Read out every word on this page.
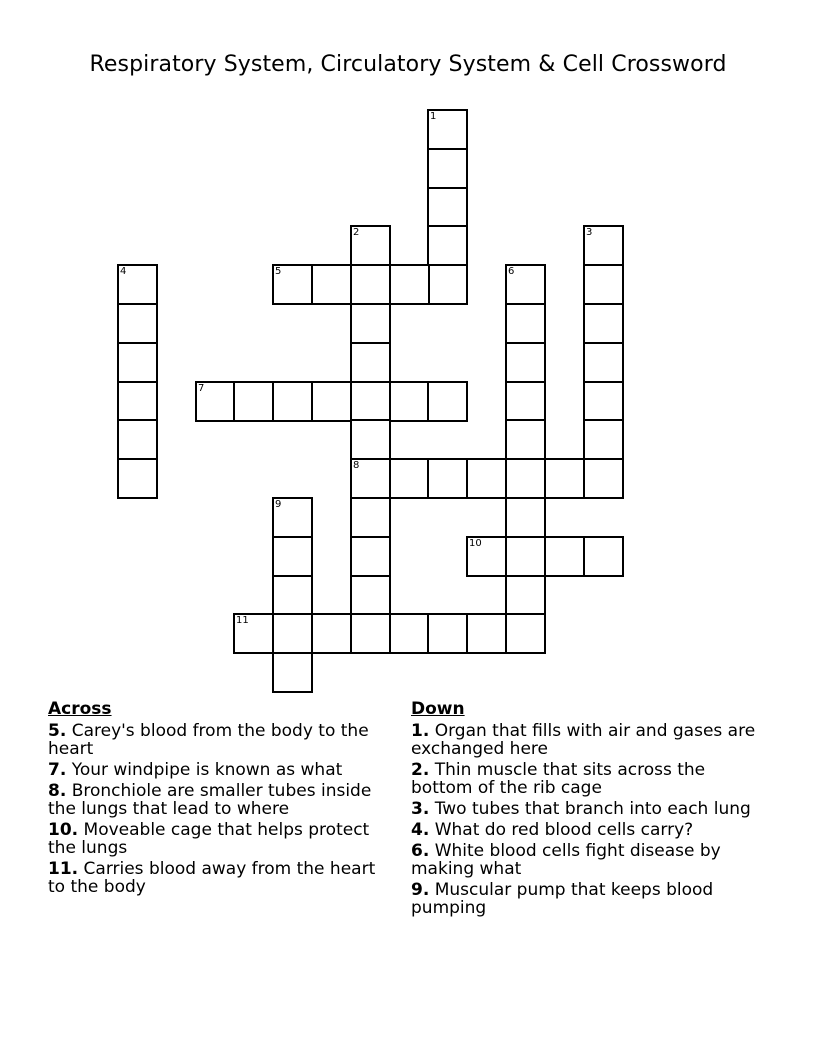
Respiratory System, Circulatory System & Cell Crossword
1
2
8
3
4	5	6
7
9
10
11
Across
5. Carey's blood from the body to the heart
7. Your windpipe is known as what
8. Bronchiole are smaller tubes inside the lungs that lead to where
10. Moveable cage that helps protect the lungs
11. Carries blood away from the heart to the body
Down
1. Organ that fills with air and gases are exchanged here
2. Thin muscle that sits across the bottom of the rib cage
3. Two tubes that branch into each lung
4. What do red blood cells carry?
6. White blood cells fight disease by making what
9. Muscular pump that keeps blood pumping
